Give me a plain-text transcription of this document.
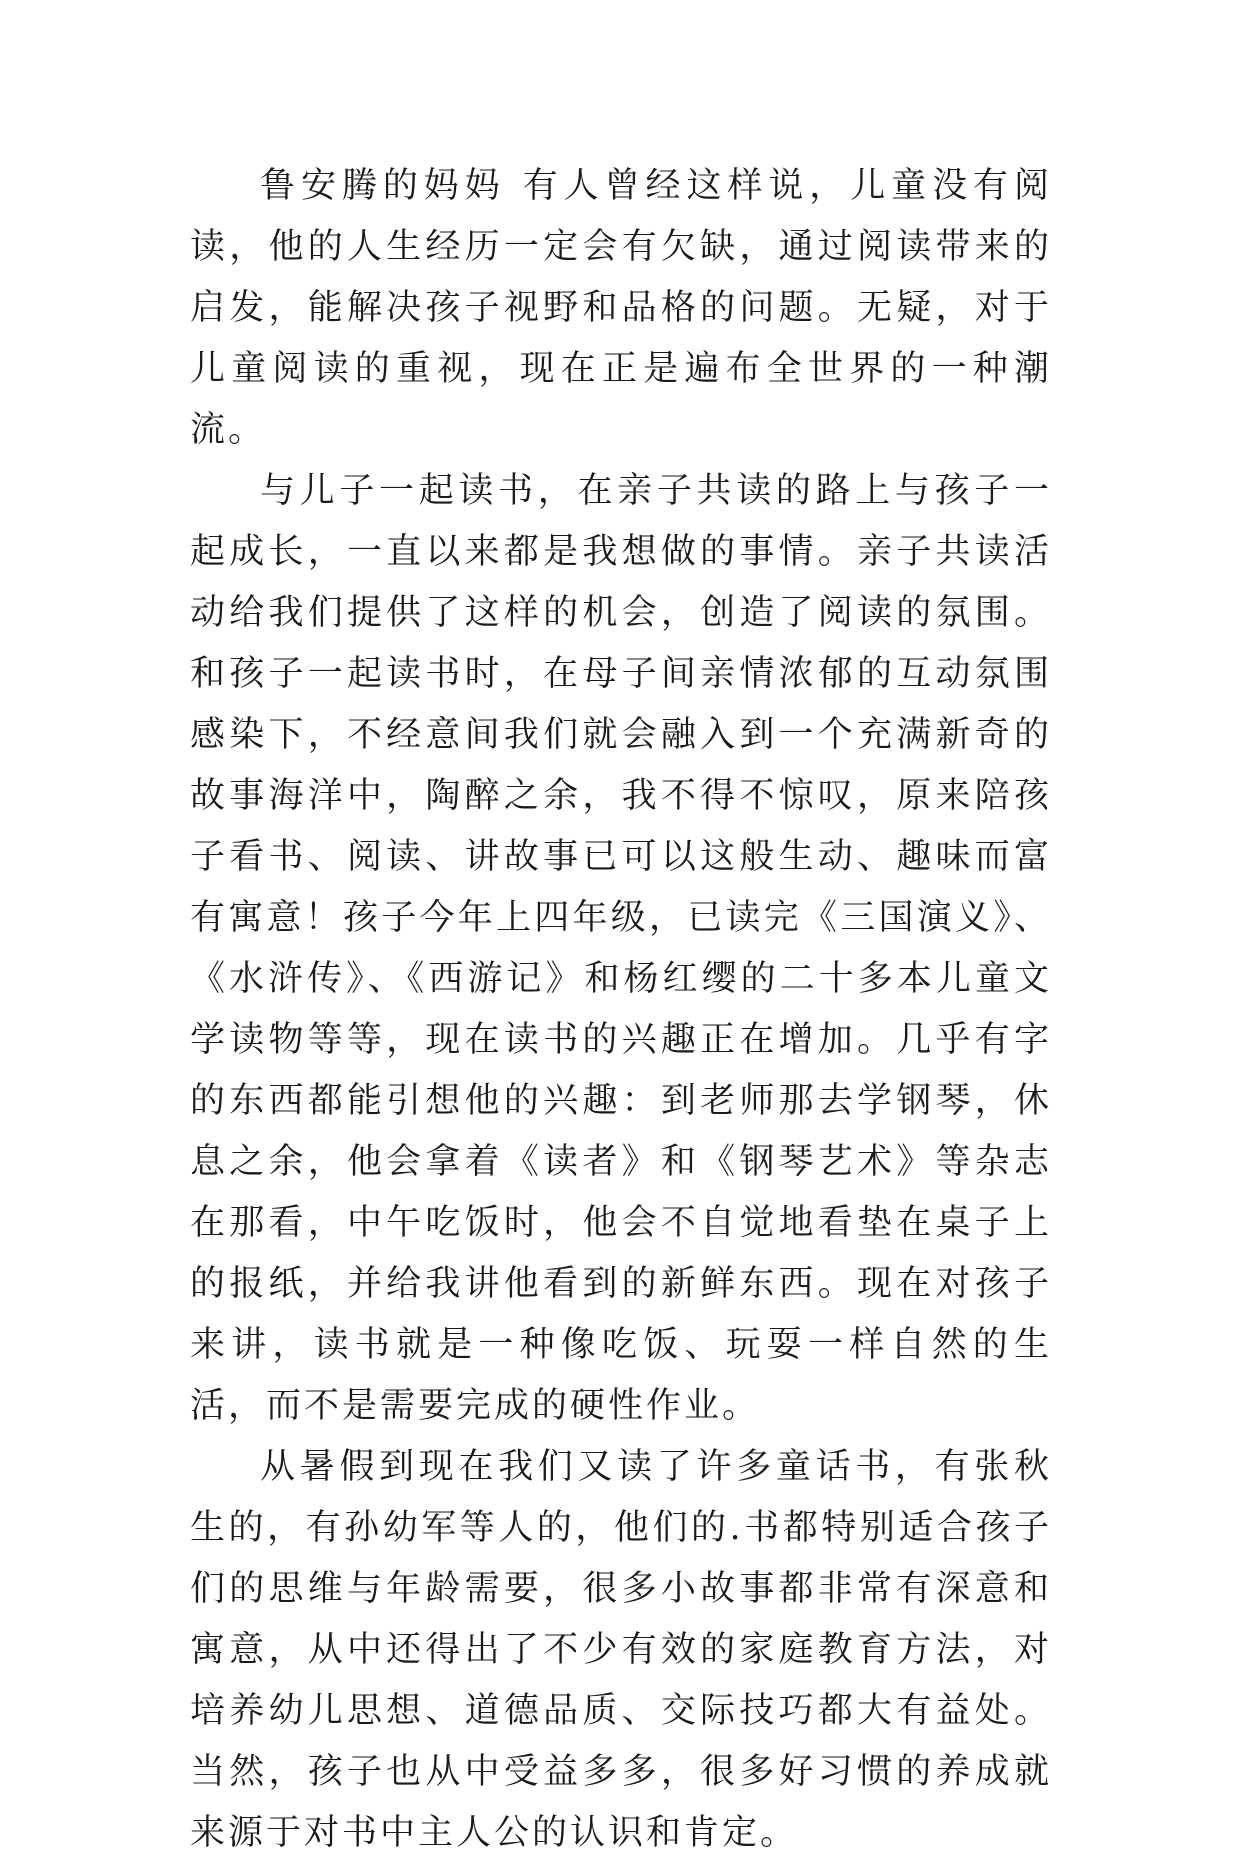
鲁安腾的妈妈 有人曾经这样说，儿童没有阅读，他的人生经历一定会有欠缺，通过阅读带来的启发，能解决孩子视野和品格的问题。无疑，对于儿童阅读的重视，现在正是遍布全世界的一种潮流。

与儿子一起读书，在亲子共读的路上与孩子一起成长，一直以来都是我想做的事情。亲子共读活动给我们提供了这样的机会，创造了阅读的氛围。和孩子一起读书时，在母子间亲情浓郁的互动氛围感染下，不经意间我们就会融入到一个充满新奇的故事海洋中，陶醉之余，我不得不惊叹，原来陪孩子看书、阅读、讲故事已可以这般生动、趣味而富有寓意！孩子今年上四年级，已读完《三国演义》、《水浒传》、《西游记》和杨红缨的二十多本儿童文学读物等等，现在读书的兴趣正在增加。几乎有字的东西都能引想他的兴趣：到老师那去学钢琴，休息之余，他会拿着《读者》和《钢琴艺术》等杂志在那看，中午吃饭时，他会不自觉地看垫在桌子上的报纸，并给我讲他看到的新鲜东西。现在对孩子来讲，读书就是一种像吃饭、玩耍一样自然的生活，而不是需要完成的硬性作业。

从暑假到现在我们又读了许多童话书，有张秋生的，有孙幼军等人的，他们的.书都特别适合孩子们的思维与年龄需要，很多小故事都非常有深意和寓意，从中还得出了不少有效的家庭教育方法，对培养幼儿思想、道德品质、交际技巧都大有益处。当然，孩子也从中受益多多，很多好习惯的养成就来源于对书中主人公的认识和肯定。
